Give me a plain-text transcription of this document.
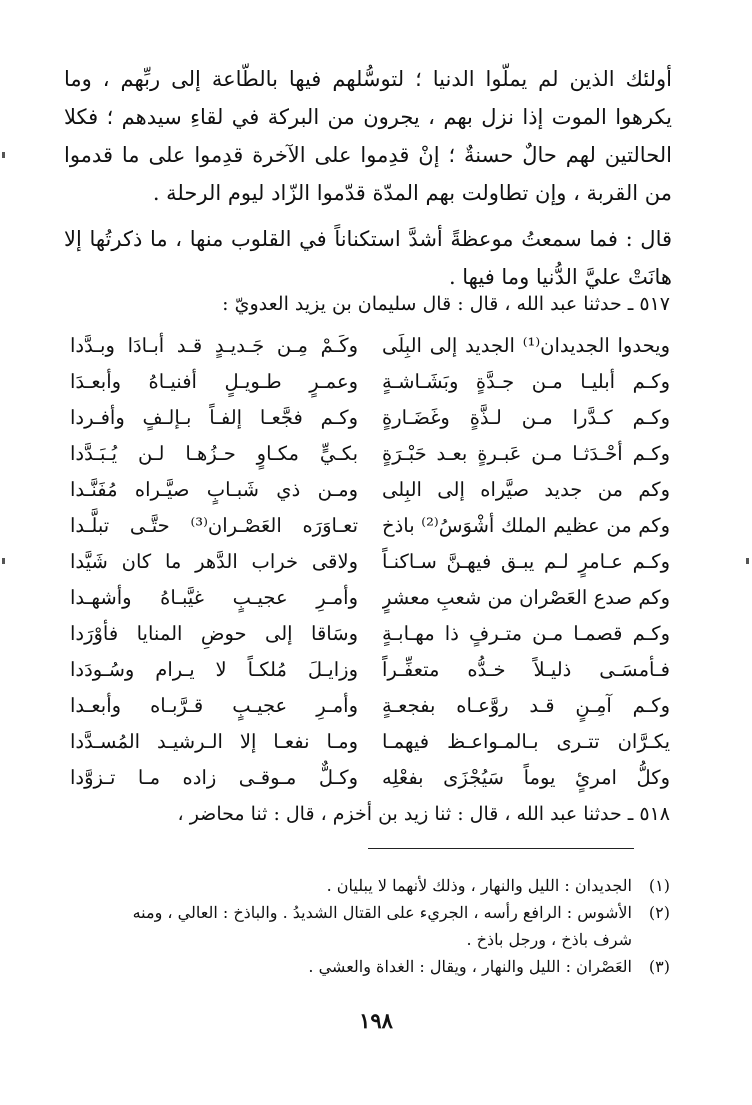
أولئك الذين لم يملّوا الدنيا ؛ لتوسُّلهم فيها بالطّاعة إلى ربِّهم ، وما يكرهوا الموت إذا نزل بهم ، يجرون من البركة في لقاءِ سيدهم ؛ فكلا الحالتين لهم حالٌ حسنةٌ ؛ إنْ قدِموا على الآخرة قدِموا على ما قدموا من القربة ، وإن تطاولت بهم المدّة قدّموا الزّاد ليوم الرحلة .

قال : فما سمعتُ موعظةً أشدَّ استكناناً في القلوب منها ، ما ذكرتُها إلا هانَتْ عليَّ الدُّنيا وما فيها .

٥١٧ ـ حدثنا عبد الله ، قال : قال سليمان بن يزيد العدويّ :
ويحدوا الجديدان⁽¹⁾ الجديد إلى البِلَى
وكَـمْ مِـن جَـديـدٍ قـد أبـادَا وبـدَّدا
وكـم أبليـا مـن جـدَّةٍ وبَشَـاشـةٍ
وعمـرٍ طـويـلٍ أفنيـاهُ وأبعـدَا
وكـم كـدَّرا مـن لـذَّةٍ وغَضَـارةٍ
وكـم فجَّعـا إلفـاً بـإلـفٍ وأفـردا
وكـم أحْـدَثـا مـن عَبـرةٍ بعـد حَبْـرَةٍ
بكـيٍّ مكـاوٍ حـزُهـا لـن يُـبَـدَّدا
وكم من جديد صيَّراه إلى البِلى
ومـن ذي شَبـابٍ صيَّـراه مُفَنَّـدا
وكم من عظيم الملك أشْوَسُ⁽²⁾ باذخ
تعـاوَرَه العَصْـران⁽³⁾ حتَّـى تبلَّـدا
وكـم عـامرٍ لـم يبـق فيهـنَّ سـاكنـاً
ولاقى خراب الدَّهر ما كان شَيَّدا
وكم صدع العَصْران من شعبِ معشرٍ
وأمـرِ عجيـبٍ غيَّبـاهُ وأشهـدا
وكـم قصمـا مـن متـرفٍ ذا مهـابـةٍ
وسَاقا إلى حوضِ المنايا فأوْرَدا
فـأمسَـى ذليـلاً خـدُّه متعفِّـراً
وزايـلَ مُلكـاً لا يـرام وسُـودَدا
وكـم آمِـنٍ قـد روَّعـاه بفجعـةٍ
وأمـرِ عجيـبٍ قـرَّبـاه وأبعـدا
يكـرَّان تتـرى بـالمـواعـظ فيهمـا
ومـا نفعـا إلا الـرشيـد المُسـدَّدا
وكلُّ امرئٍ يوماً سَيُجْزَى بفعْلِه
وكـلٌّ مـوقـى زاده مـا تـزوَّدا
٥١٨ ـ حدثنا عبد الله ، قال : ثنا زيد بن أخزم ، قال : ثنا محاضر ،
(١)
الجديدان : الليل والنهار ، وذلك لأنهما لا يبليان .
(٢)
الأشوس : الرافع رأسه ، الجريء على القتال الشديدُ . والباذخ : العالي ، ومنه شرف باذخ ، ورجل باذخ .
(٣)
العَصْران : الليل والنهار ، ويقال : الغداة والعشي .
١٩٨
